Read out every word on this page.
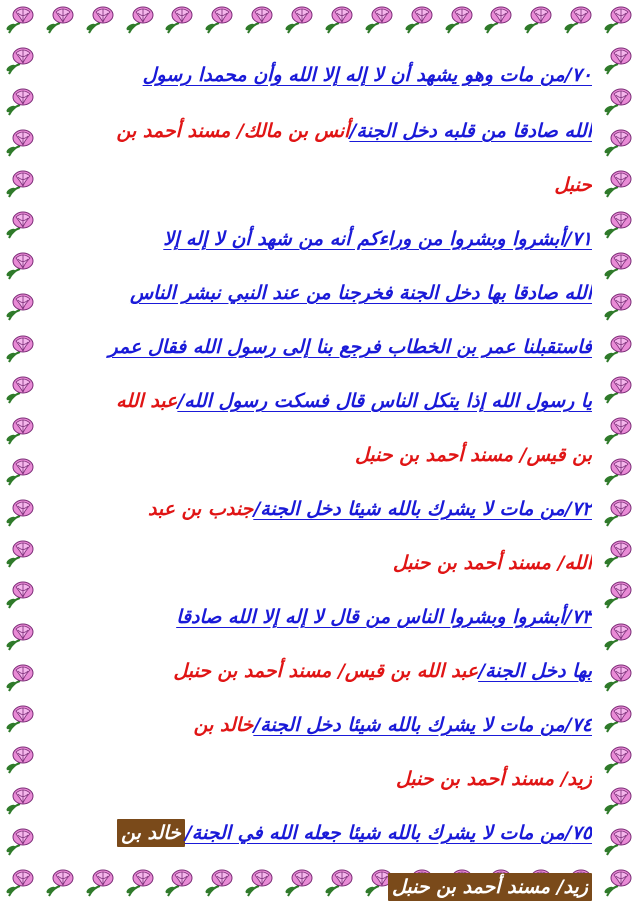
٧٠/من مات وهو يشهد أن لا إله إلا الله وأن محمدا رسول
الله صادقا من قلبه دخل الجنة/أنس بن مالك/ مسند أحمد بن
حنبل
٧١/أبشروا وبشروا من وراءكم أنه من شهد أن لا إله إلا
الله صادقا بها دخل الجنة فخرجنا من عند النبي نبشر الناس
فاستقبلنا عمر بن الخطاب فرجع بنا إلى رسول الله فقال عمر
يا رسول الله إذا يتكل الناس قال فسكت رسول الله/عبد الله
بن قيس/ مسند أحمد بن حنبل
٧٢/من مات لا يشرك بالله شيئا دخل الجنة/جندب بن عبد
الله/ مسند أحمد بن حنبل
٧٣/أبشروا وبشروا الناس من قال لا إله إلا الله صادقا
بها دخل الجنة/عبد الله بن قيس/ مسند أحمد بن حنبل
٧٤/من مات لا يشرك بالله شيئا دخل الجنة/خالد بن
زيد/ مسند أحمد بن حنبل
٧٥/من مات لا يشرك بالله شيئا جعله الله في الجنة/خالد بن
زيد/ مسند أحمد بن حنبل
